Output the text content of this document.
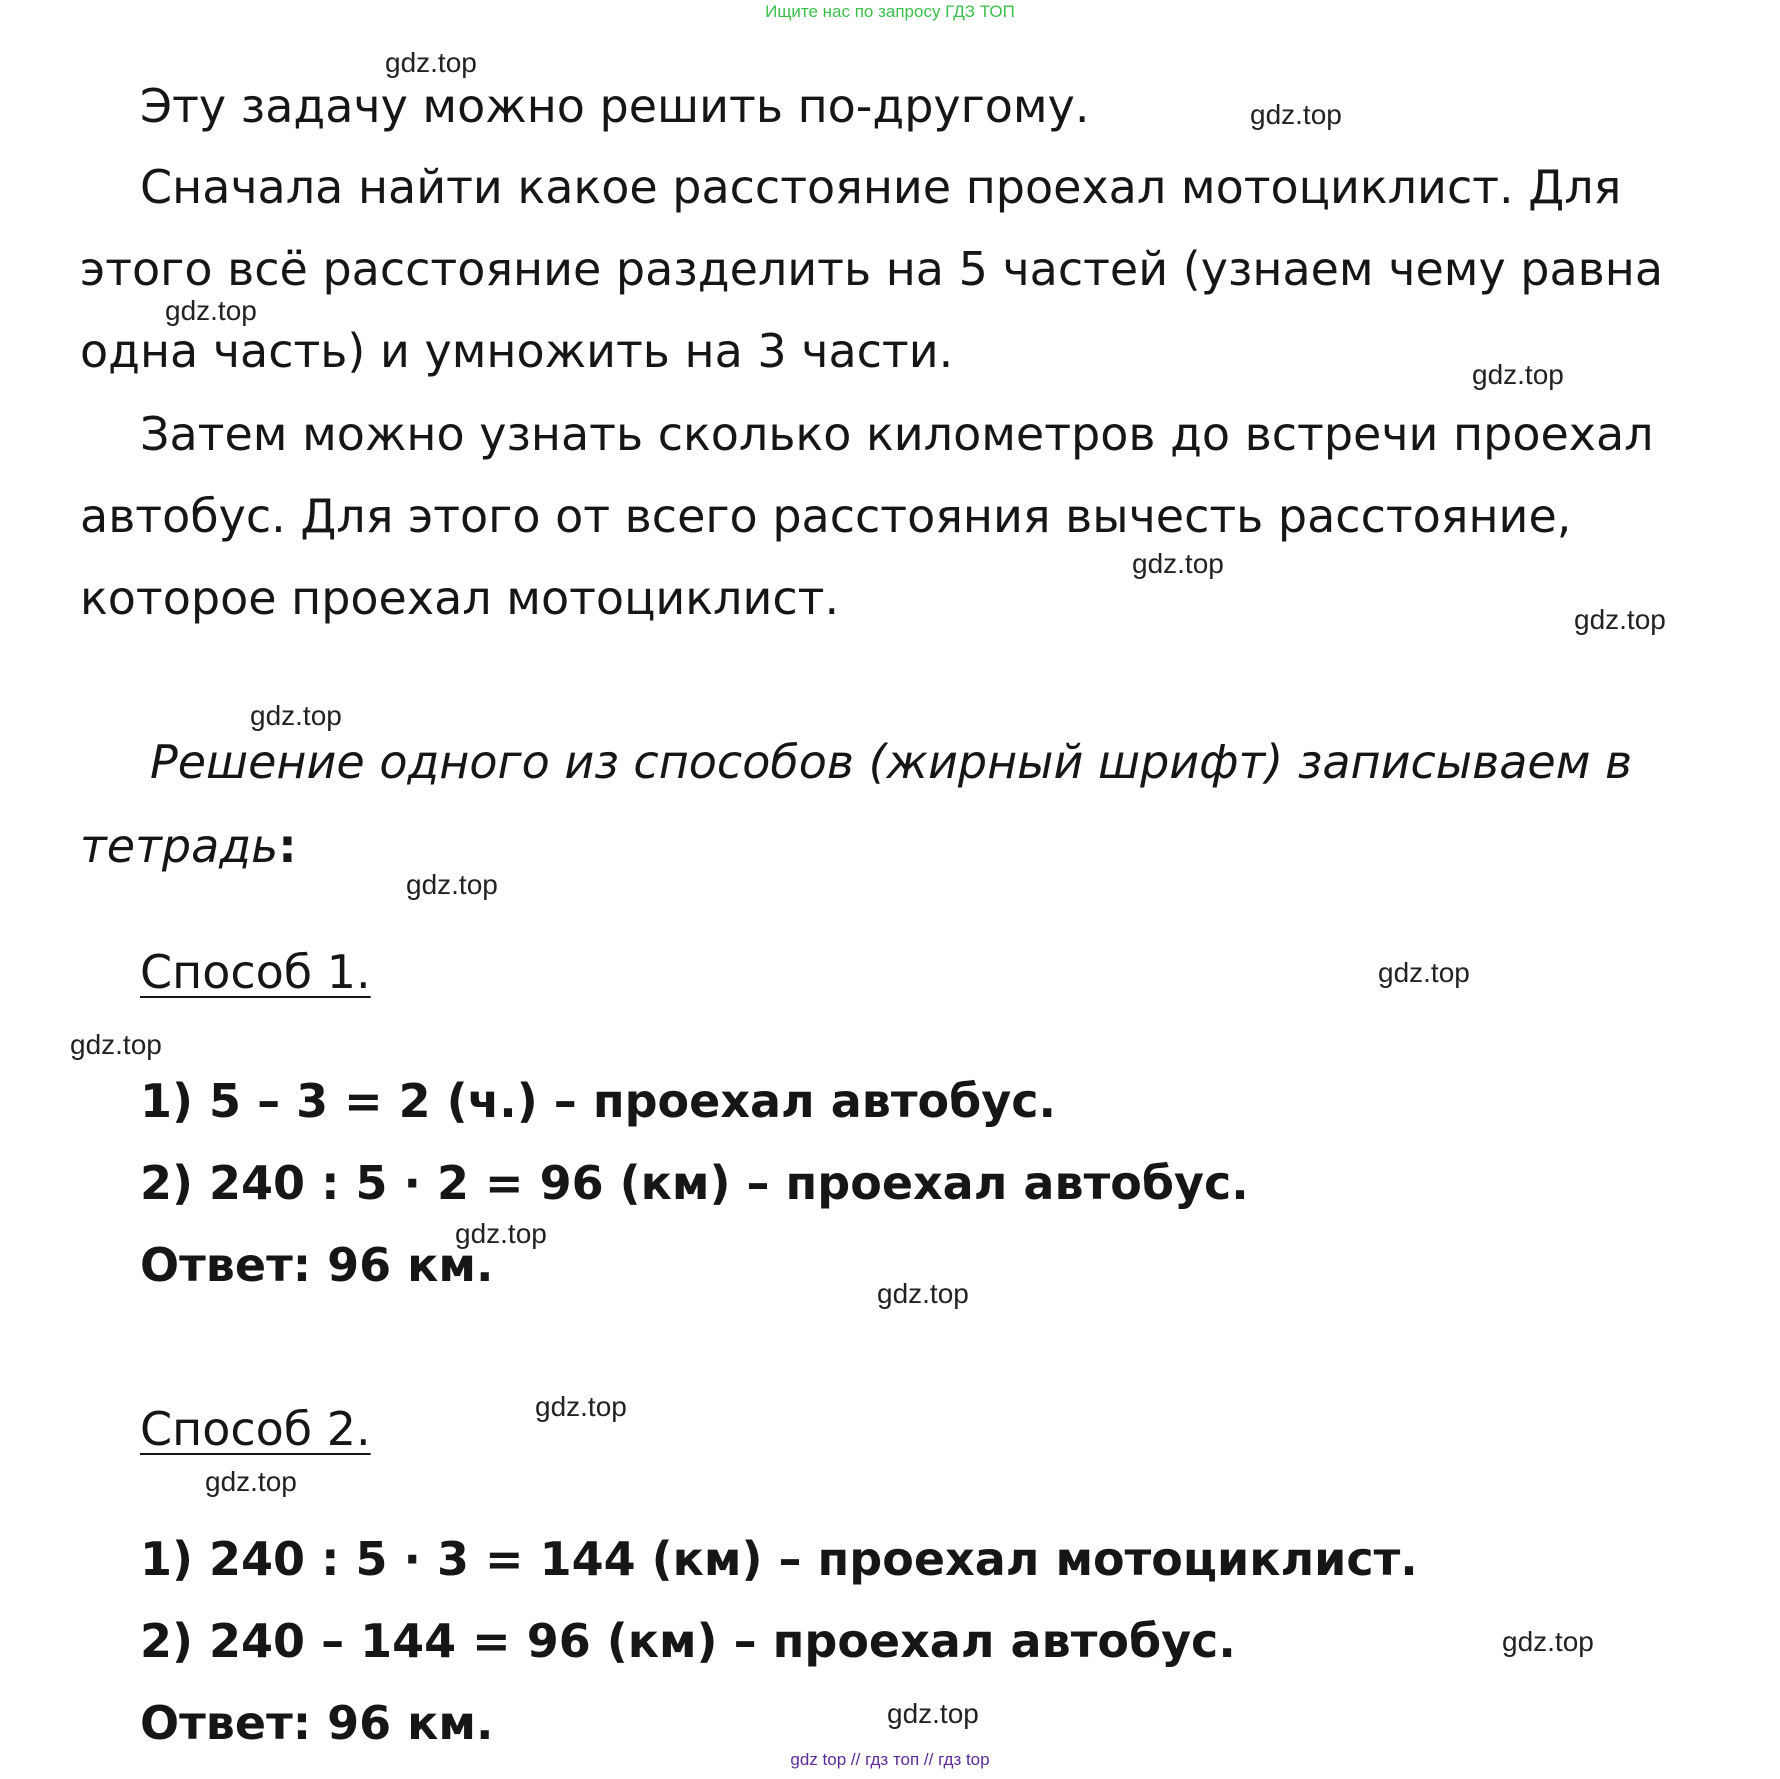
Ищите нас по запросу ГДЗ ТОП
Эту задачу можно решить по-другому.
Сначала найти какое расстояние проехал мотоциклист. Для
этого всё расстояние разделить на 5 частей (узнаем чему равна
одна часть) и умножить на 3 части.
Затем можно узнать сколько километров до встречи проехал
автобус. Для этого от всего расстояния вычесть расстояние,
которое проехал мотоциклист.
Решение одного из способов (жирный шрифт) записываем в
тетрадь:
Способ 1.
1) 5 – 3 = 2 (ч.) – проехал автобус.
2) 240 : 5 · 2 = 96 (км) – проехал автобус.
Ответ: 96 км.
Способ 2.
1) 240 : 5 · 3 = 144 (км) – проехал мотоциклист.
2) 240 – 144 = 96 (км) – проехал автобус.
Ответ: 96 км.
gdz.top
gdz.top
gdz.top
gdz.top
gdz.top
gdz.top
gdz.top
gdz.top
gdz.top
gdz.top
gdz.top
gdz.top
gdz.top
gdz.top
gdz.top
gdz.top
gdz top // гдз топ // гдз top
